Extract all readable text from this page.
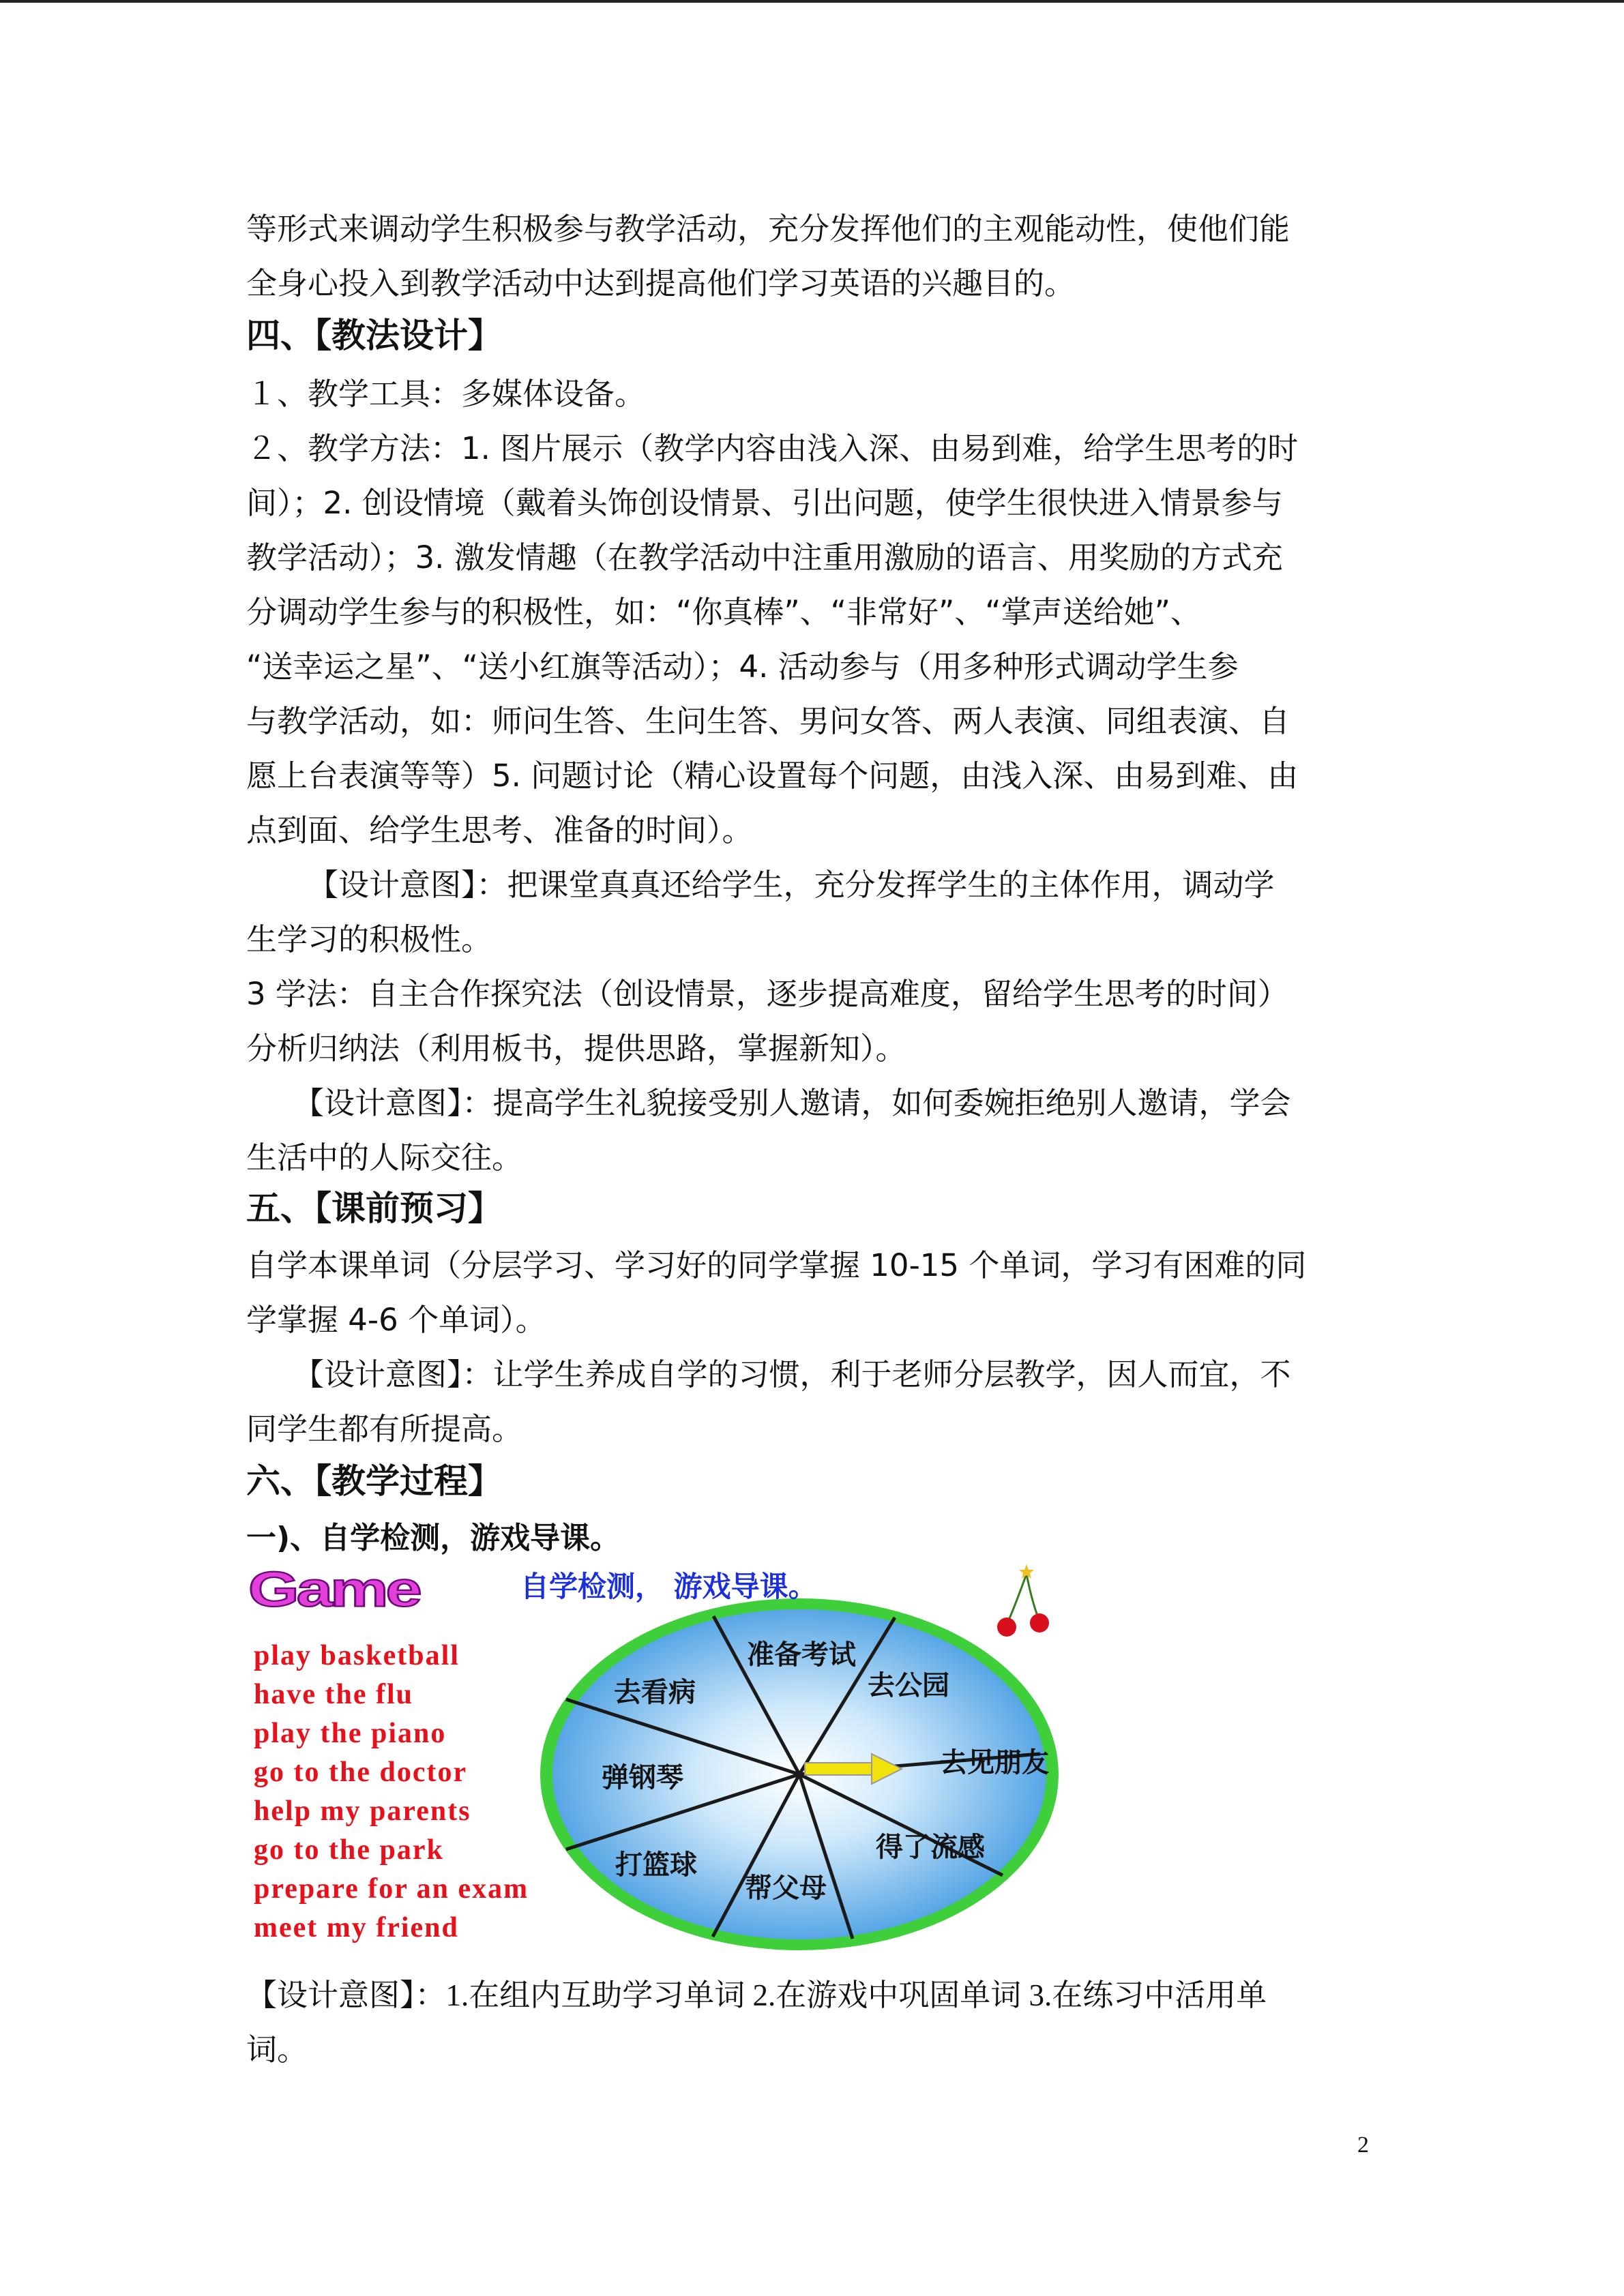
等形式来调动学生积极参与教学活动，充分发挥他们的主观能动性，使他们能
全身心投入到教学活动中达到提高他们学习英语的兴趣目的。
四、【教法设计】
１、教学工具：多媒体设备。
２、教学方法：1. 图片展示（教学内容由浅入深、由易到难，给学生思考的时
间）；2. 创设情境（戴着头饰创设情景、引出问题，使学生很快进入情景参与
教学活动）；3. 激发情趣（在教学活动中注重用激励的语言、用奖励的方式充
分调动学生参与的积极性，如：“你真棒”、“非常好”、“掌声送给她”、
“送幸运之星”、“送小红旗等活动）；4. 活动参与（用多种形式调动学生参
与教学活动，如：师问生答、生问生答、男问女答、两人表演、同组表演、自
愿上台表演等等）5. 问题讨论（精心设置每个问题，由浅入深、由易到难、由
点到面、给学生思考、准备的时间）。
【设计意图】：把课堂真真还给学生，充分发挥学生的主体作用，调动学
生学习的积极性。
3 学法：自主合作探究法（创设情景，逐步提高难度，留给学生思考的时间）
分析归纳法（利用板书，提供思路，掌握新知）。
【设计意图】：提高学生礼貌接受别人邀请，如何委婉拒绝别人邀请，学会
生活中的人际交往。
五、【课前预习】
自学本课单词（分层学习、学习好的同学掌握 10-15 个单词，学习有困难的同
学掌握 4-6 个单词）。
【设计意图】：让学生养成自学的习惯，利于老师分层教学，因人而宜，不
同学生都有所提高。
六、【教学过程】
一)、自学检测，游戏导课。
准备考试
去公园
去见朋友
得了流感
帮父母
打篮球
弹钢琴
去看病
Game	自学检测， 游戏导课。
play basketball
have the flu
play the piano
go to the doctor
help my parents
go to the park
prepare for an exam
meet my friend
【设计意图】：1.在组内互助学习单词 2.在游戏中巩固单词 3.在练习中活用单
词。
2
